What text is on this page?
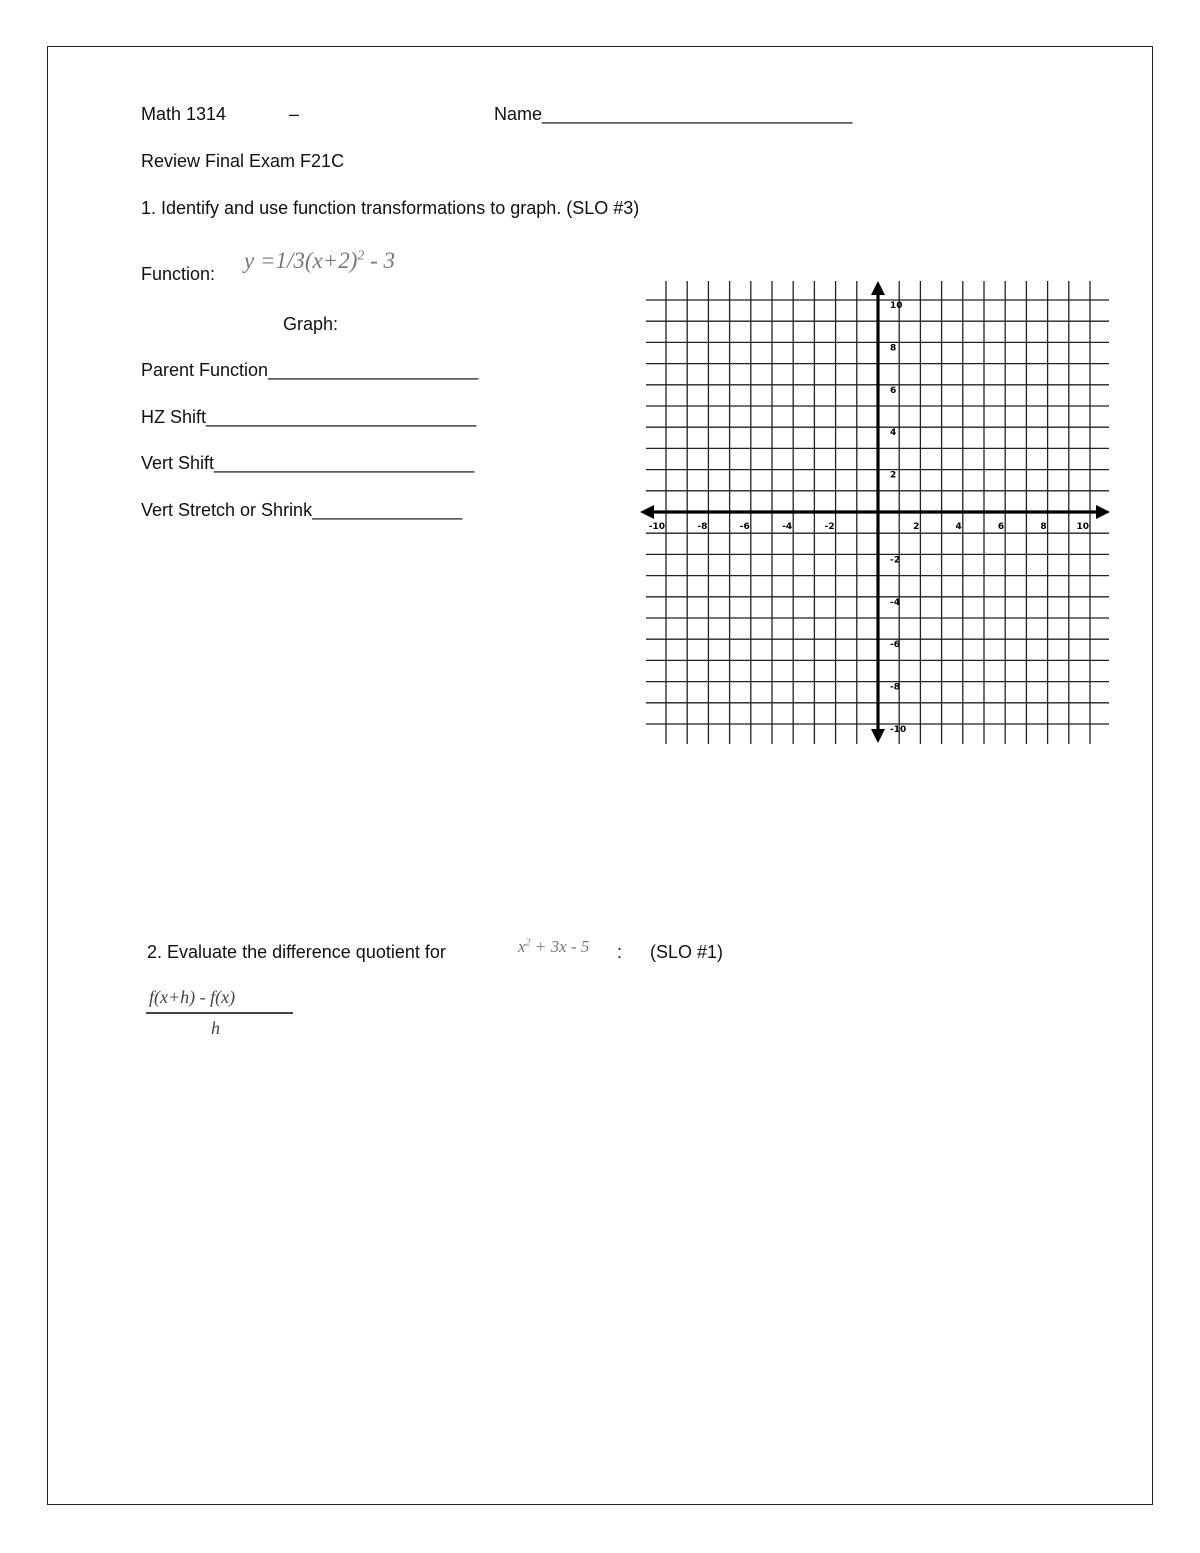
Math 1314	–	Name_______________________________
Review Final Exam F21C
1. Identify and use function transformations to graph. (SLO #3)
Function:
$y =1/3(x+2)^2 - 3$
Graph:
Parent Function_____________________
HZ Shift___________________________
Vert Shift__________________________
Vert Stretch or Shrink_______________
-10	-8	-6	-4	-2	2	4	6	8	10
10
8
6
4
2
-2
-4
-6
-8
-10
2. Evaluate the difference quotient for	$x^2 + 3x - 5$ : (SLO #1)
f(x+h) - f(x)
h
